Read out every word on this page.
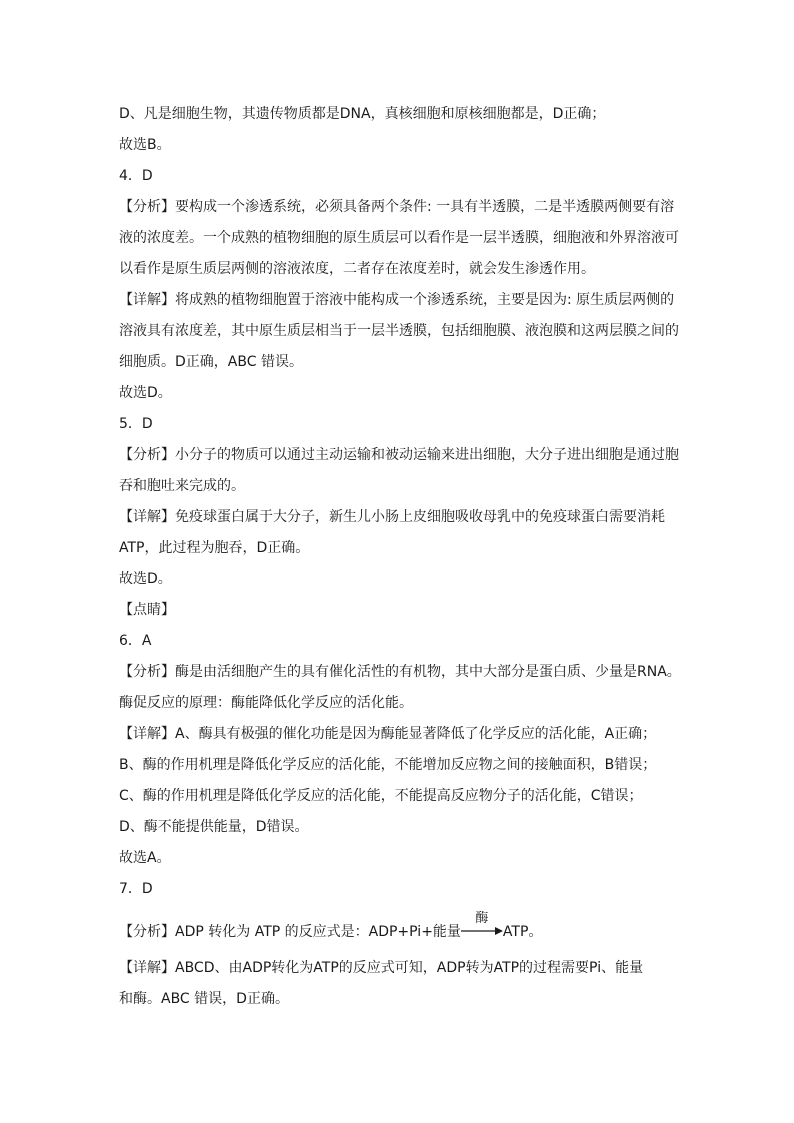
D、凡是细胞生物，其遗传物质都是DNA，真核细胞和原核细胞都是，D正确；
故选B。
4．D
【分析】要构成一个渗透系统，必须具备两个条件: 一具有半透膜，二是半透膜两侧要有溶
液的浓度差。一个成熟的植物细胞的原生质层可以看作是一层半透膜，细胞液和外界溶液可
以看作是原生质层两侧的溶液浓度，二者存在浓度差时，就会发生渗透作用。
【详解】将成熟的植物细胞置于溶液中能构成一个渗透系统，主要是因为: 原生质层两侧的
溶液具有浓度差，其中原生质层相当于一层半透膜，包括细胞膜、液泡膜和这两层膜之间的
细胞质。D正确，ABC 错误。
故选D。
5．D
【分析】小分子的物质可以通过主动运输和被动运输来进出细胞，大分子进出细胞是通过胞
吞和胞吐来完成的。
【详解】免疫球蛋白属于大分子，新生儿小肠上皮细胞吸收母乳中的免疫球蛋白需要消耗
ATP，此过程为胞吞，D正确。
故选D。
【点睛】
6．A
【分析】酶是由活细胞产生的具有催化活性的有机物，其中大部分是蛋白质、少量是RNA。
酶促反应的原理：酶能降低化学反应的活化能。
【详解】A、酶具有极强的催化功能是因为酶能显著降低了化学反应的活化能，A正确；
B、酶的作用机理是降低化学反应的活化能，不能增加反应物之间的接触面积，B错误；
C、酶的作用机理是降低化学反应的活化能，不能提高反应物分子的活化能，C错误；
D、酶不能提供能量，D错误。
故选A。
7．D
【分析】ADP 转化为 ATP 的反应式是：ADP+Pi+能量
酶
ATP。
【详解】ABCD、由ADP转化为ATP的反应式可知，ADP转为ATP的过程需要Pi、能量
和酶。ABC 错误，D正确。
